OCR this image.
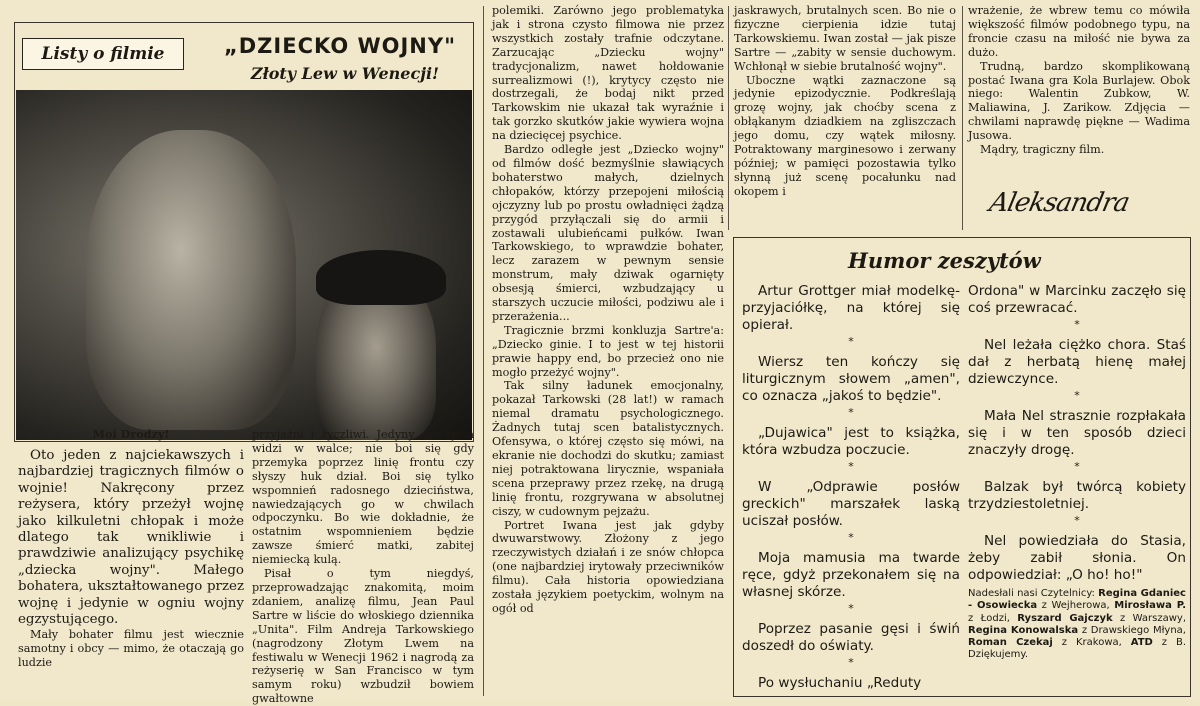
Listy o filmie	„DZIECKO WOJNY"
Złoty Lew w Wenecji!

Moi Drodzy!

Oto jeden z najciekawszych i najbardziej tragicznych filmów o wojnie! Nakręcony przez reżysera, który przeżył wojnę jako kilkuletni chłopak i może dlatego tak wnikliwie i prawdziwie analizujący psychikę „dziecka wojny". Małego bohatera, ukształtowanego przez wojnę i jedynie w ogniu wojny egzystującego.

Mały bohater filmu jest wiecznie samotny i obcy — mimo, że otaczają go ludzie

przyjaźni i życzliwi. Jedyny cel życia widzi w walce; nie boi się gdy przemyka poprzez linię frontu czy słyszy huk dział. Boi się tylko wspomnień radosnego dzieciństwa, nawiedzających go w chwilach odpoczynku. Bo wie dokładnie, że ostatnim wspomnieniem będzie zawsze śmierć matki, zabitej niemiecką kulą.

Pisał o tym niegdyś, przeprowadzając znakomitą, moim zdaniem, analizę filmu, Jean Paul Sartre w liście do włoskiego dziennika „Unita". Film Andreja Tarkowskiego (nagrodzony Złotym Lwem na festiwalu w Wenecji 1962 i nagrodą za reżyserię w San Francisco w tym samym roku) wzbudził bowiem gwałtowne

polemiki. Zarówno jego problematyka jak i strona czysto filmowa nie przez wszystkich zostały trafnie odczytane. Zarzucając „Dziecku wojny" tradycjonalizm, nawet hołdowanie surrealizmowi (!), krytycy często nie dostrzegali, że bodaj nikt przed Tarkowskim nie ukazał tak wyraźnie i tak gorzko skutków jakie wywiera wojna na dziecięcej psychice.

Bardzo odległe jest „Dziecko wojny" od filmów dość bezmyślnie sławiących bohaterstwo małych, dzielnych chłopaków, którzy przepojeni miłością ojczyzny lub po prostu owładnięci żądzą przygód przyłączali się do armii i zostawali ulubieńcami pułków. Iwan Tarkowskiego, to wprawdzie bohater, lecz zarazem w pewnym sensie monstrum, mały dziwak ogarnięty obsesją śmierci, wzbudzający u starszych uczucie miłości, podziwu ale i przerażenia...

Tragicznie brzmi konkluzja Sartre'a: „Dziecko ginie. I to jest w tej historii prawie happy end, bo przecież ono nie mogło przeżyć wojny".

Tak silny ładunek emocjonalny, pokazał Tarkowski (28 lat!) w ramach niemal dramatu psychologicznego. Żadnych tutaj scen batalistycznych. Ofensywa, o której często się mówi, na ekranie nie dochodzi do skutku; zamiast niej potraktowana lirycznie, wspaniała scena przeprawy przez rzekę, na drugą linię frontu, rozgrywana w absolutnej ciszy, w cudownym pejzażu.

Portret Iwana jest jak gdyby dwuwarstwowy. Złożony z jego rzeczywistych działań i ze snów chłopca (one najbardziej irytowały przeciwników filmu). Cała historia opowiedziana została językiem poetyckim, wolnym na ogół od

jaskrawych, brutalnych scen. Bo nie o fizyczne cierpienia idzie tutaj Tarkowskiemu. Iwan został — jak pisze Sartre — „zabity w sensie duchowym. Wchłonął w siebie brutalność wojny".

Uboczne wątki zaznaczone są jedynie epizodycznie. Podkreślają grozę wojny, jak choćby scena z obłąkanym dziadkiem na zgliszczach jego domu, czy wątek miłosny. Potraktowany marginesowo i zerwany później; w pamięci pozostawia tylko słynną już scenę pocałunku nad okopem i

wrażenie, że wbrew temu co mówiła większość filmów podobnego typu, na froncie czasu na miłość nie bywa za dużo.

Trudną, bardzo skomplikowaną postać Iwana gra Kola Burlajew. Obok niego: Walentin Zubkow, W. Maliawina, J. Zarikow. Zdjęcia — chwilami naprawdę piękne — Wadima Jusowa.

Mądry, tragiczny film.

Aleksandra
Humor zeszytów

Artur Grottger miał modelkę-przyjaciółkę, na której się opierał.

*

Wiersz ten kończy się liturgicznym słowem „amen", co oznacza „jakoś to będzie".

*

„Dujawica" jest to książka, która wzbudza poczucie.

*

W „Odprawie posłów greckich" marszałek laską uciszał posłów.

*

Moja mamusia ma twarde ręce, gdyż przekonałem się na własnej skórze.

*

Poprzez pasanie gęsi i świń doszedł do oświaty.

*

Po wysłuchaniu „Reduty

Ordona" w Marcinku zaczęło się coś przewracać.

*

Nel leżała ciężko chora. Staś dał z herbatą hienę małej dziewczynce.

*

Mała Nel strasznie rozpłakała się i w ten sposób dzieci znaczyły drogę.

*

Balzak był twórcą kobiety trzydziestoletniej.

*

Nel powiedziała do Stasia, żeby zabił słonia. On odpowiedział: „O ho! ho!"

Nadesłali nasi Czytelnicy: Regina Gdaniec - Osowiecka z Wejherowa, Mirosława P. z Łodzi, Ryszard Gajczyk z Warszawy, Regina Konowalska z Drawskiego Młyna, Roman Czekaj z Krakowa, ATD z B. Dziękujemy.
